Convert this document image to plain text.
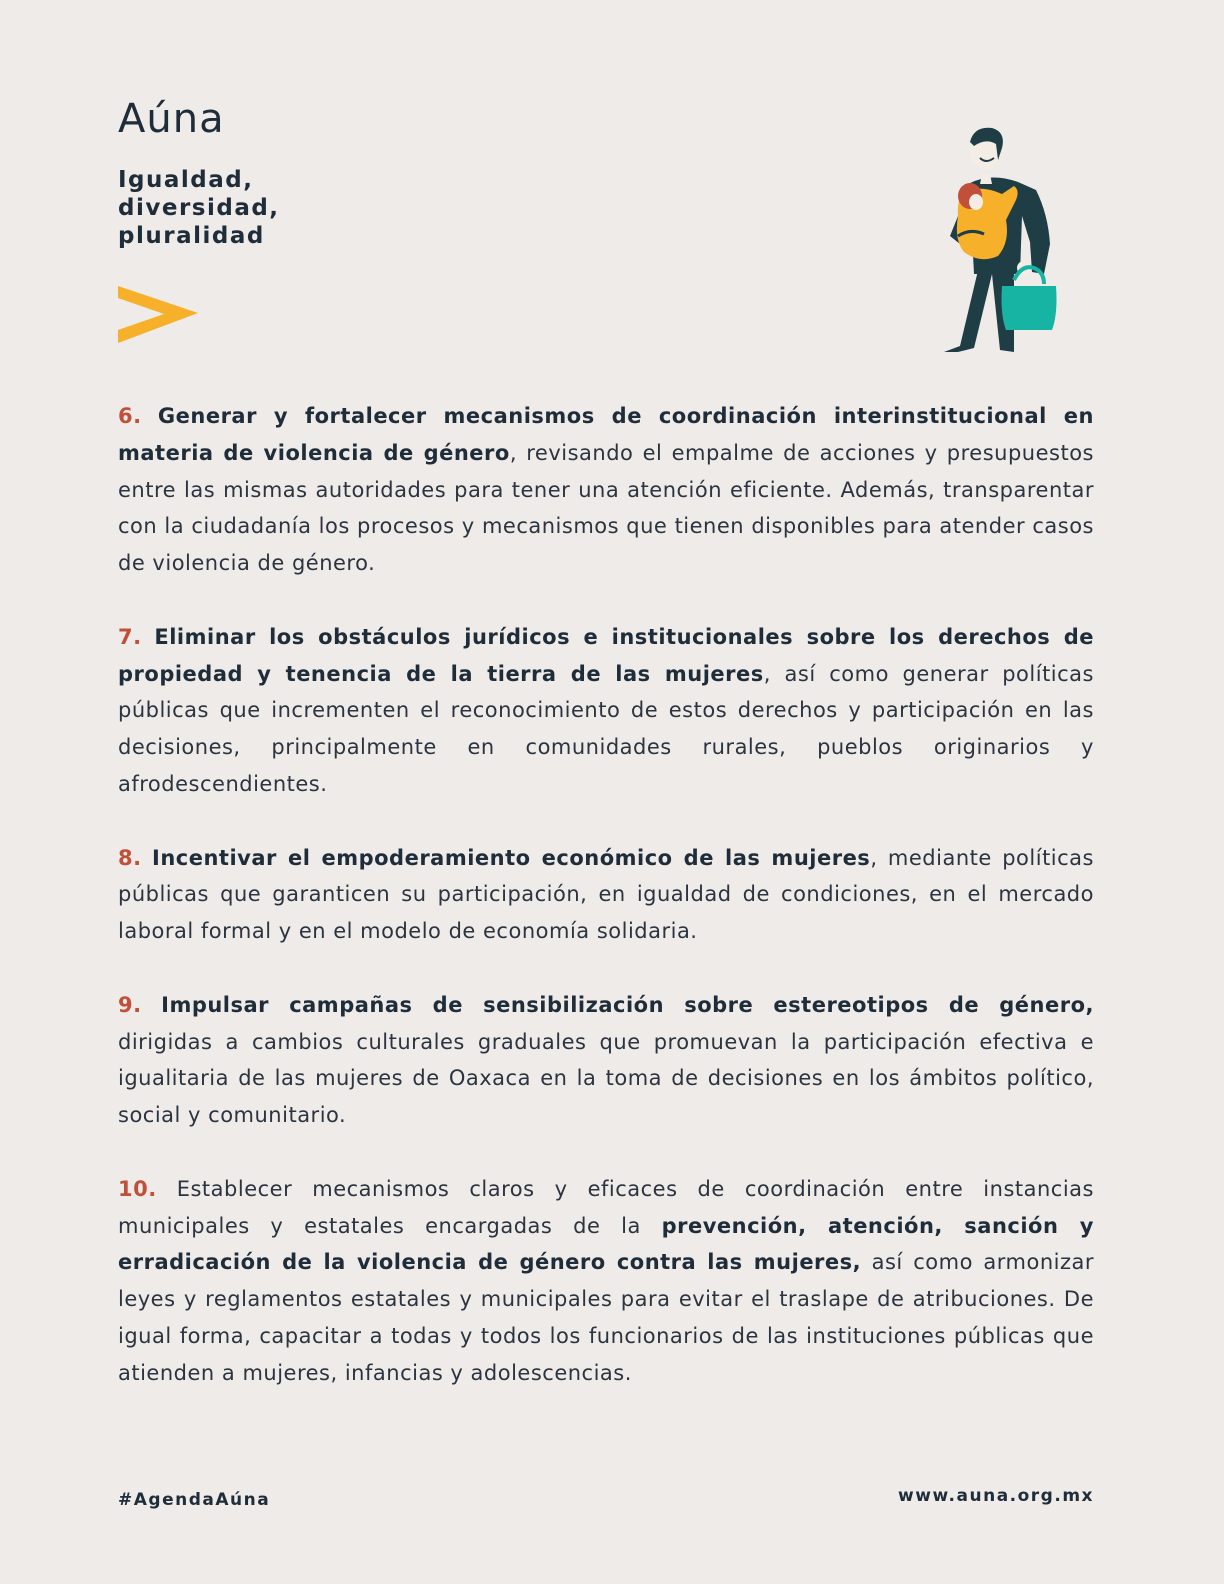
Aúna
Igualdad,
diversidad,
pluralidad

6. Generar y fortalecer mecanismos de coordinación interinstitucional en materia de violencia de género, revisando el empalme de acciones y presupuestos entre las mismas autoridades para tener una atención eficiente. Además, transparentar con la ciudadanía los procesos y mecanismos que tienen disponibles para atender casos de violencia de género.

7. Eliminar los obstáculos jurídicos e institucionales sobre los derechos de propiedad y tenencia de la tierra de las mujeres, así como generar políticas públicas que incrementen el reconocimiento de estos derechos y participación en las decisiones, principalmente en comunidades rurales, pueblos originarios y afrodescendientes.

8. Incentivar el empoderamiento económico de las mujeres, mediante políticas públicas que garanticen su participación, en igualdad de condiciones, en el mercado laboral formal y en el modelo de economía solidaria.

9. Impulsar campañas de sensibilización sobre estereotipos de género, dirigidas a cambios culturales graduales que promuevan la participación efectiva e igualitaria de las mujeres de Oaxaca en la toma de decisiones en los ámbitos político, social y comunitario.

10. Establecer mecanismos claros y eficaces de coordinación entre instancias municipales y estatales encargadas de la prevención, atención, sanción y erradicación de la violencia de género contra las mujeres, así como armonizar leyes y reglamentos estatales y municipales para evitar el traslape de atribuciones. De igual forma, capacitar a todas y todos los funcionarios de las instituciones públicas que atienden a mujeres, infancias y adolescencias.

#AgendaAúna	www.auna.org.mx
